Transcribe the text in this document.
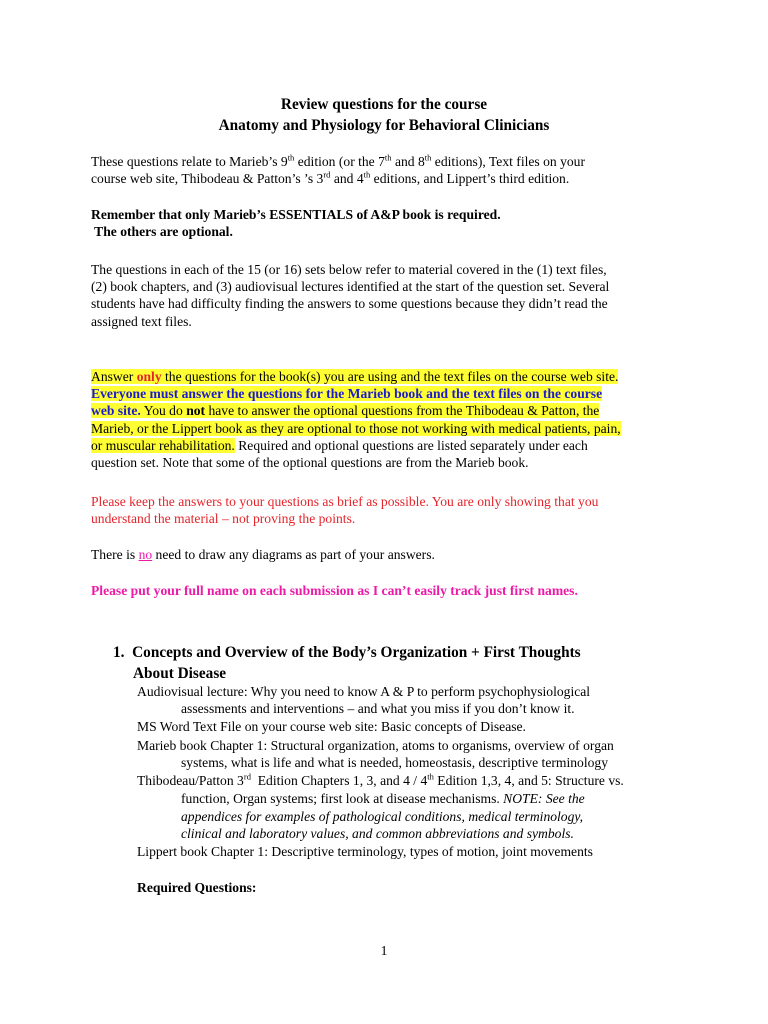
Review questions for the course
Anatomy and Physiology for Behavioral Clinicians
These questions relate to Marieb’s 9th edition (or the 7th and 8th editions), Text files on your
course web site, Thibodeau & Patton’s ’s 3rd and 4th editions, and Lippert’s third edition.
Remember that only Marieb’s ESSENTIALS of A&P book is required.
The others are optional.
The questions in each of the 15 (or 16) sets below refer to material covered in the (1) text files,
(2) book chapters, and (3) audiovisual lectures identified at the start of the question set. Several
students have had difficulty finding the answers to some questions because they didn’t read the
assigned text files.
Answer only the questions for the book(s) you are using and the text files on the course web site.
Everyone must answer the questions for the Marieb book and the text files on the course
web site. You do not have to answer the optional questions from the Thibodeau & Patton, the
Marieb, or the Lippert book as they are optional to those not working with medical patients, pain,
or muscular rehabilitation. Required and optional questions are listed separately under each
question set. Note that some of the optional questions are from the Marieb book.
Please keep the answers to your questions as brief as possible. You are only showing that you
understand the material – not proving the points.
There is no need to draw any diagrams as part of your answers.
Please put your full name on each submission as I can’t easily track just first names.
1.  Concepts and Overview of the Body’s Organization + First Thoughts
About Disease
Audiovisual lecture: Why you need to know A & P to perform psychophysiological
assessments and interventions – and what you miss if you don’t know it.
MS Word Text File on your course web site: Basic concepts of Disease.
Marieb book Chapter 1: Structural organization, atoms to organisms, overview of organ
systems, what is life and what is needed, homeostasis, descriptive terminology
Thibodeau/Patton 3rd  Edition Chapters 1, 3, and 4 / 4th Edition 1,3, 4, and 5: Structure vs.
function, Organ systems; first look at disease mechanisms. NOTE: See the
appendices for examples of pathological conditions, medical terminology,
clinical and laboratory values, and common abbreviations and symbols.
Lippert book Chapter 1: Descriptive terminology, types of motion, joint movements
Required Questions:
1
